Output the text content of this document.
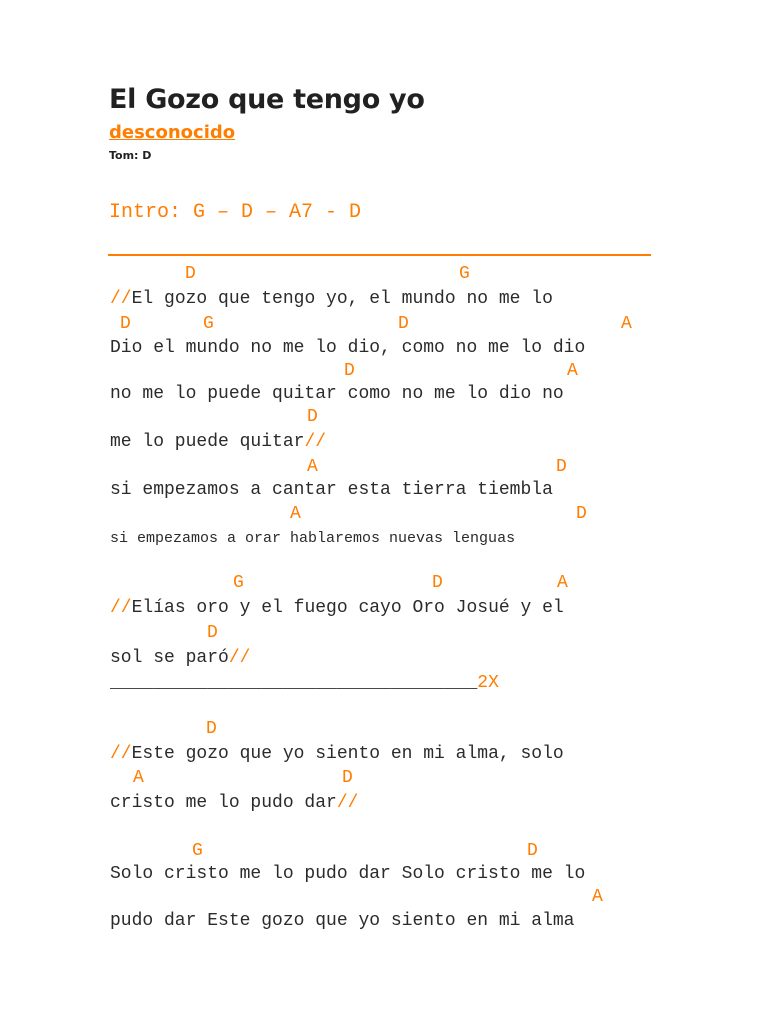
El Gozo que tengo yo
desconocido
Tom: D
Intro: G – D – A7 - D
D	G
//El gozo que tengo yo, el mundo no me lo
D	G	D	A
Dio el mundo no me lo dio, como no me lo dio
D	A
no me lo puede quitar como no me lo dio no
D
me lo puede quitar//
A	D
si empezamos a cantar esta tierra tiembla
A	D
si empezamos a orar hablaremos nuevas lenguas
G	D	A
//Elías oro y el fuego cayo Oro Josué y el
D
sol se paró//
__________________________________2X
D
//Este gozo que yo siento en mi alma, solo
A	D
cristo me lo pudo dar//
G	D
Solo cristo me lo pudo dar Solo cristo me lo
A
pudo dar Este gozo que yo siento en mi alma
